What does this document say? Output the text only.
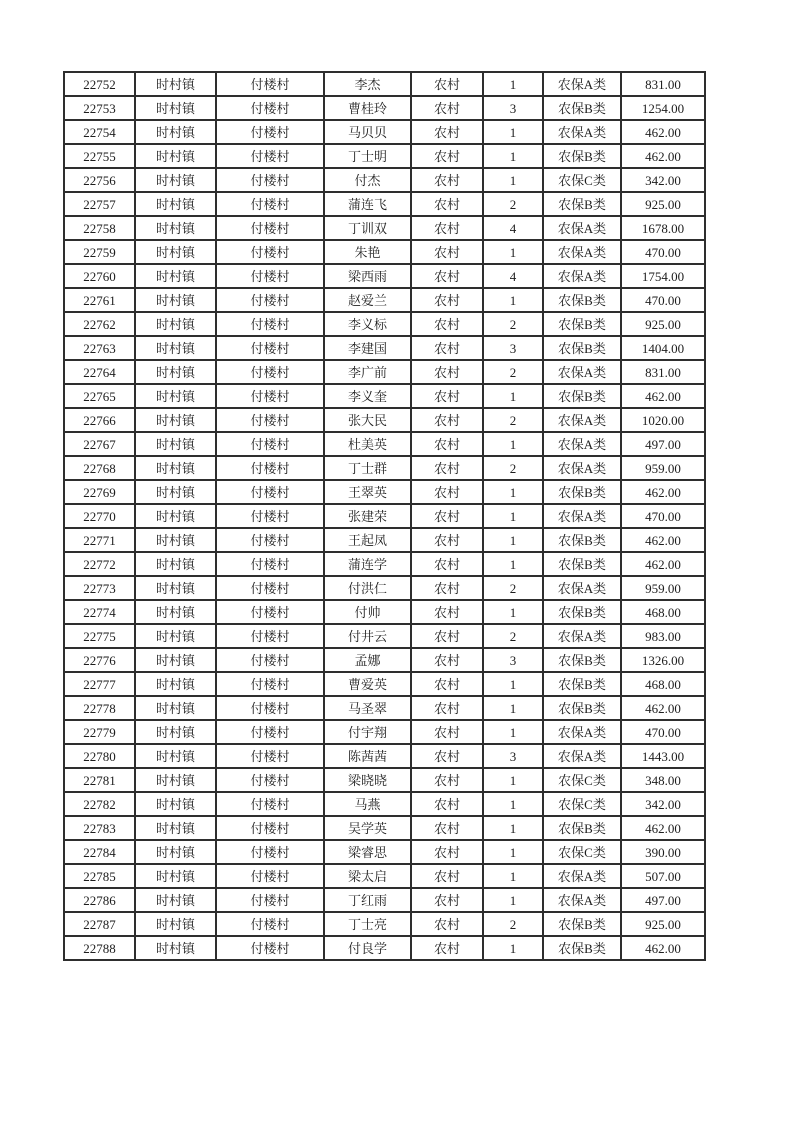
22752	时村镇	付楼村	李杰	农村	1	农保A类	831.00
22753	时村镇	付楼村	曹桂玲	农村	3	农保B类	1254.00
22754	时村镇	付楼村	马贝贝	农村	1	农保A类	462.00
22755	时村镇	付楼村	丁士明	农村	1	农保B类	462.00
22756	时村镇	付楼村	付杰	农村	1	农保C类	342.00
22757	时村镇	付楼村	蒲连飞	农村	2	农保B类	925.00
22758	时村镇	付楼村	丁训双	农村	4	农保A类	1678.00
22759	时村镇	付楼村	朱艳	农村	1	农保A类	470.00
22760	时村镇	付楼村	梁西雨	农村	4	农保A类	1754.00
22761	时村镇	付楼村	赵爱兰	农村	1	农保B类	470.00
22762	时村镇	付楼村	李义标	农村	2	农保B类	925.00
22763	时村镇	付楼村	李建国	农村	3	农保B类	1404.00
22764	时村镇	付楼村	李广前	农村	2	农保A类	831.00
22765	时村镇	付楼村	李义奎	农村	1	农保B类	462.00
22766	时村镇	付楼村	张大民	农村	2	农保A类	1020.00
22767	时村镇	付楼村	杜美英	农村	1	农保A类	497.00
22768	时村镇	付楼村	丁士群	农村	2	农保A类	959.00
22769	时村镇	付楼村	王翠英	农村	1	农保B类	462.00
22770	时村镇	付楼村	张建荣	农村	1	农保A类	470.00
22771	时村镇	付楼村	王起凤	农村	1	农保B类	462.00
22772	时村镇	付楼村	蒲连学	农村	1	农保B类	462.00
22773	时村镇	付楼村	付洪仁	农村	2	农保A类	959.00
22774	时村镇	付楼村	付帅	农村	1	农保B类	468.00
22775	时村镇	付楼村	付井云	农村	2	农保A类	983.00
22776	时村镇	付楼村	孟娜	农村	3	农保B类	1326.00
22777	时村镇	付楼村	曹爱英	农村	1	农保B类	468.00
22778	时村镇	付楼村	马圣翠	农村	1	农保B类	462.00
22779	时村镇	付楼村	付宇翔	农村	1	农保A类	470.00
22780	时村镇	付楼村	陈茜茜	农村	3	农保A类	1443.00
22781	时村镇	付楼村	梁晓晓	农村	1	农保C类	348.00
22782	时村镇	付楼村	马燕	农村	1	农保C类	342.00
22783	时村镇	付楼村	吴学英	农村	1	农保B类	462.00
22784	时村镇	付楼村	梁睿思	农村	1	农保C类	390.00
22785	时村镇	付楼村	梁太启	农村	1	农保A类	507.00
22786	时村镇	付楼村	丁红雨	农村	1	农保A类	497.00
22787	时村镇	付楼村	丁士亮	农村	2	农保B类	925.00
22788	时村镇	付楼村	付良学	农村	1	农保B类	462.00
